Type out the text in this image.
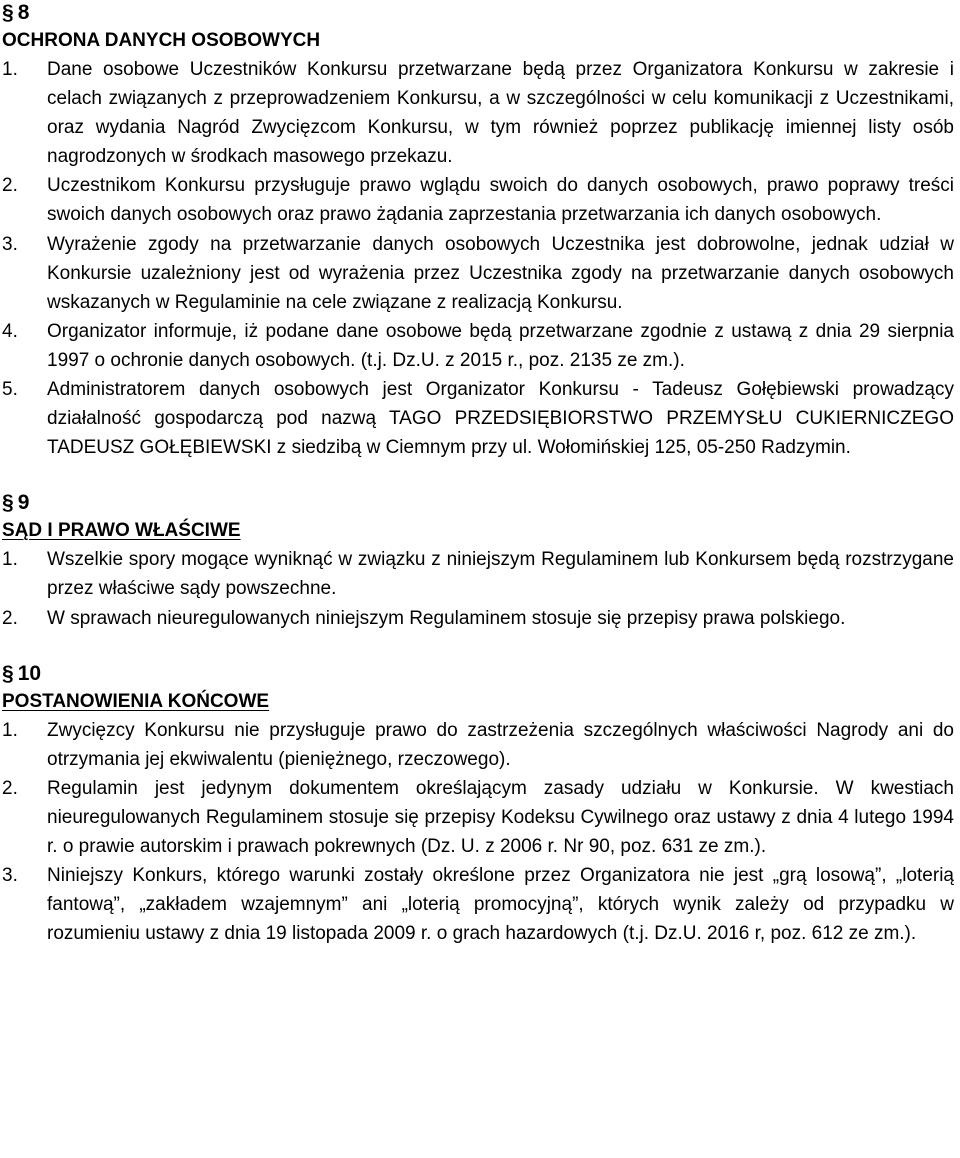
§ 8

OCHRONA DANYCH OSOBOWYCH

1.	Dane osobowe Uczestników Konkursu przetwarzane będą przez Organizatora Konkursu w zakresie i celach związanych z przeprowadzeniem Konkursu, a w szczególności w celu komunikacji z Uczestnikami, oraz wydania Nagród Zwycięzcom Konkursu, w tym również poprzez publikację imiennej listy osób nagrodzonych w środkach masowego przekazu.
2.	Uczestnikom Konkursu przysługuje prawo wglądu swoich do danych osobowych, prawo poprawy treści swoich danych osobowych oraz prawo żądania zaprzestania przetwarzania ich danych osobowych.
3.	Wyrażenie zgody na przetwarzanie danych osobowych Uczestnika jest dobrowolne, jednak udział w Konkursie uzależniony jest od wyrażenia przez Uczestnika zgody na przetwarzanie danych osobowych wskazanych w Regulaminie na cele związane z realizacją Konkursu.
4.	Organizator informuje, iż podane dane osobowe będą przetwarzane zgodnie z ustawą z dnia 29 sierpnia 1997 o ochronie danych osobowych. (t.j. Dz.U. z 2015 r., poz. 2135 ze zm.).
5.	Administratorem danych osobowych jest Organizator Konkursu - Tadeusz Gołębiewski prowadzący działalność gospodarczą pod nazwą TAGO PRZEDSIĘBIORSTWO PRZEMYSŁU CUKIERNICZEGO TADEUSZ GOŁĘBIEWSKI z siedzibą w Ciemnym przy ul. Wołomińskiej 125, 05-250 Radzymin.

§ 9

SĄD I PRAWO WŁAŚCIWE

1.	Wszelkie spory mogące wyniknąć w związku z niniejszym Regulaminem lub Konkursem będą rozstrzygane przez właściwe sądy powszechne.
2.	W sprawach nieuregulowanych niniejszym Regulaminem stosuje się przepisy prawa polskiego.

§ 10

POSTANOWIENIA KOŃCOWE

1.	Zwycięzcy Konkursu nie przysługuje prawo do zastrzeżenia szczególnych właściwości Nagrody ani do otrzymania jej ekwiwalentu (pieniężnego, rzeczowego).
2.	Regulamin jest jedynym dokumentem określającym zasady udziału w Konkursie. W kwestiach nieuregulowanych Regulaminem stosuje się przepisy Kodeksu Cywilnego oraz ustawy z dnia 4 lutego 1994 r. o prawie autorskim i prawach pokrewnych (Dz. U. z 2006 r. Nr 90, poz. 631 ze zm.).
3.	Niniejszy Konkurs, którego warunki zostały określone przez Organizatora nie jest „grą losową”, „loterią fantową”, „zakładem wzajemnym” ani „loterią promocyjną”, których wynik zależy od przypadku w rozumieniu ustawy z dnia 19 listopada 2009 r. o grach hazardowych (t.j. Dz.U. 2016 r, poz. 612 ze zm.).
